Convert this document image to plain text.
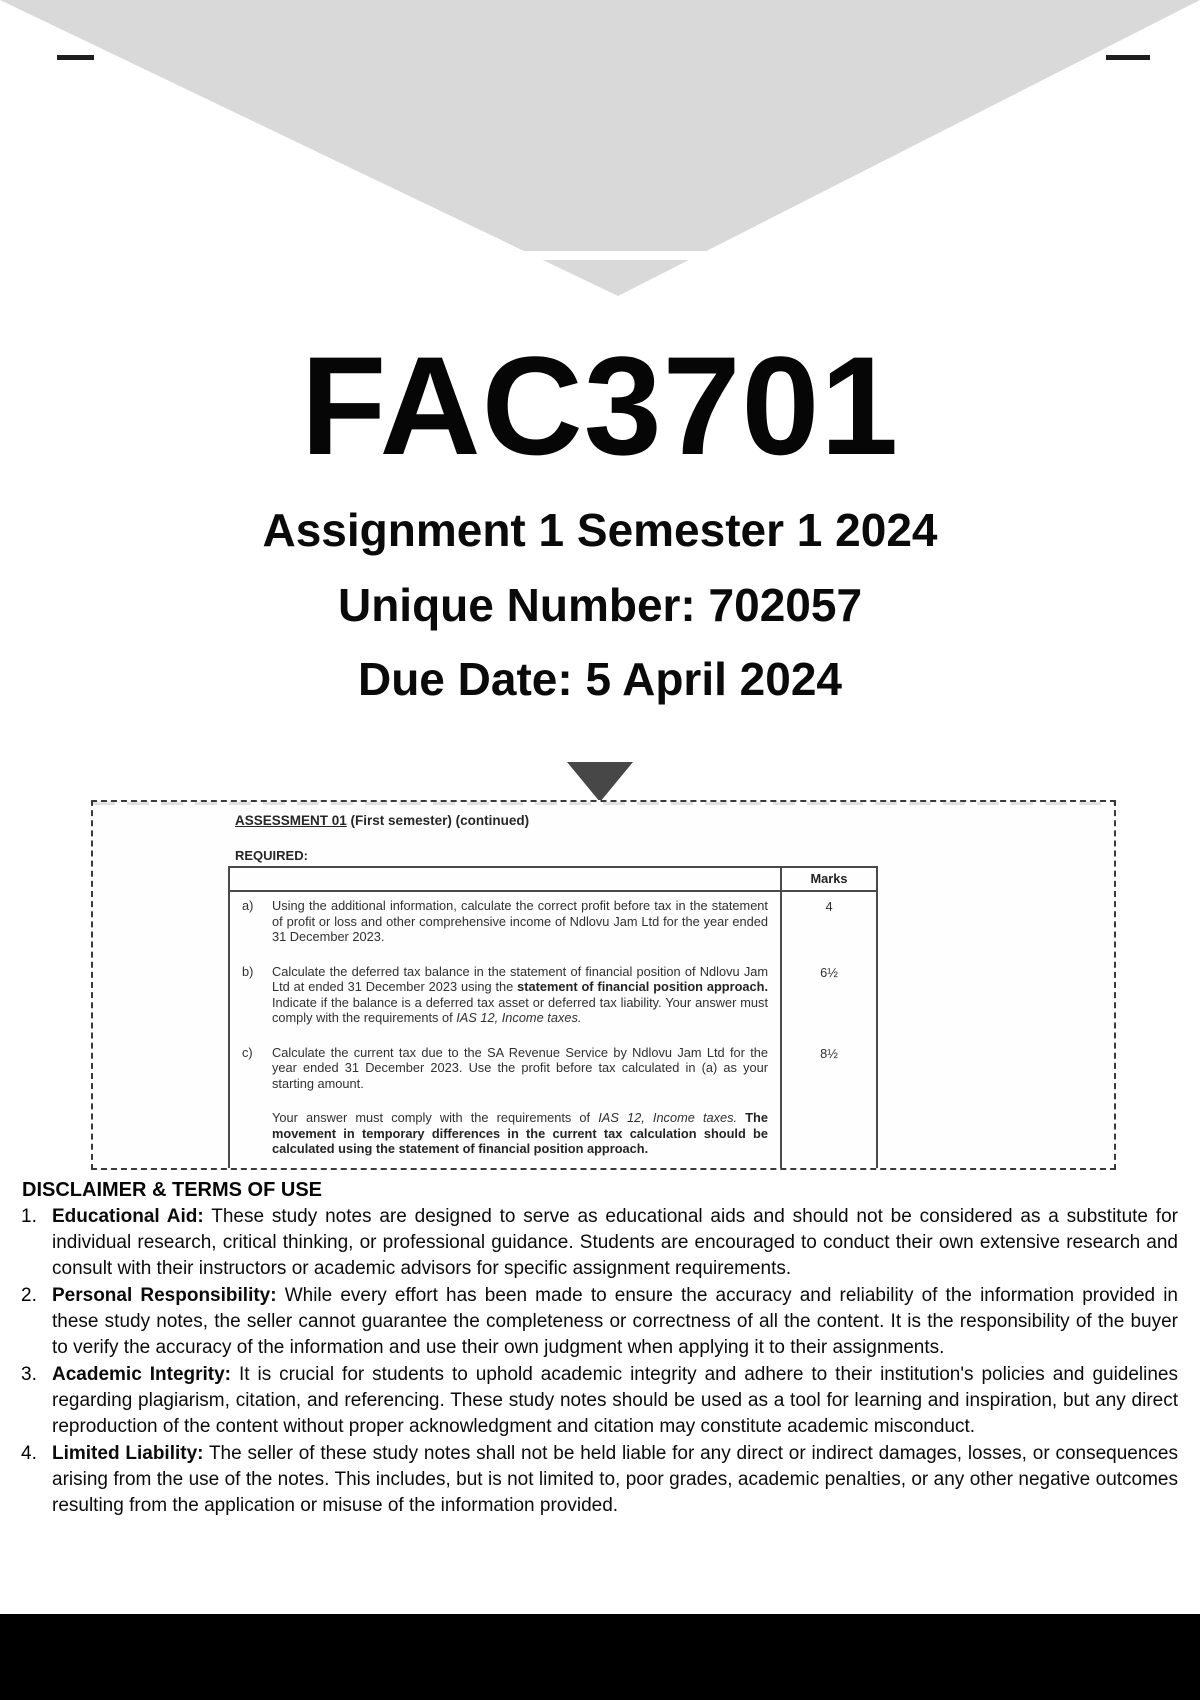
FAC3701
Assignment 1 Semester 1 2024
Unique Number: 702057
Due Date: 5 April 2024
ASSESSMENT 01 (First semester) (continued)
REQUIRED:
Marks
a) Using the additional information, calculate the correct profit before tax in the statement of profit or loss and other comprehensive income of Ndlovu Jam Ltd for the year ended 31 December 2023.
4
b) Calculate the deferred tax balance in the statement of financial position of Ndlovu Jam Ltd at ended 31 December 2023 using the statement of financial position approach. Indicate if the balance is a deferred tax asset or deferred tax liability. Your answer must comply with the requirements of IAS 12, Income taxes.
6½
c) Calculate the current tax due to the SA Revenue Service by Ndlovu Jam Ltd for the year ended 31 December 2023. Use the profit before tax calculated in (a) as your starting amount.
8½
Your answer must comply with the requirements of IAS 12, Income taxes. The movement in temporary differences in the current tax calculation should be calculated using the statement of financial position approach.
DISCLAIMER & TERMS OF USE
1. Educational Aid: These study notes are designed to serve as educational aids and should not be considered as a substitute for individual research, critical thinking, or professional guidance. Students are encouraged to conduct their own extensive research and consult with their instructors or academic advisors for specific assignment requirements.
2. Personal Responsibility: While every effort has been made to ensure the accuracy and reliability of the information provided in these study notes, the seller cannot guarantee the completeness or correctness of all the content. It is the responsibility of the buyer to verify the accuracy of the information and use their own judgment when applying it to their assignments.
3. Academic Integrity: It is crucial for students to uphold academic integrity and adhere to their institution's policies and guidelines regarding plagiarism, citation, and referencing. These study notes should be used as a tool for learning and inspiration, but any direct reproduction of the content without proper acknowledgment and citation may constitute academic misconduct.
4. Limited Liability: The seller of these study notes shall not be held liable for any direct or indirect damages, losses, or consequences arising from the use of the notes. This includes, but is not limited to, poor grades, academic penalties, or any other negative outcomes resulting from the application or misuse of the information provided.
